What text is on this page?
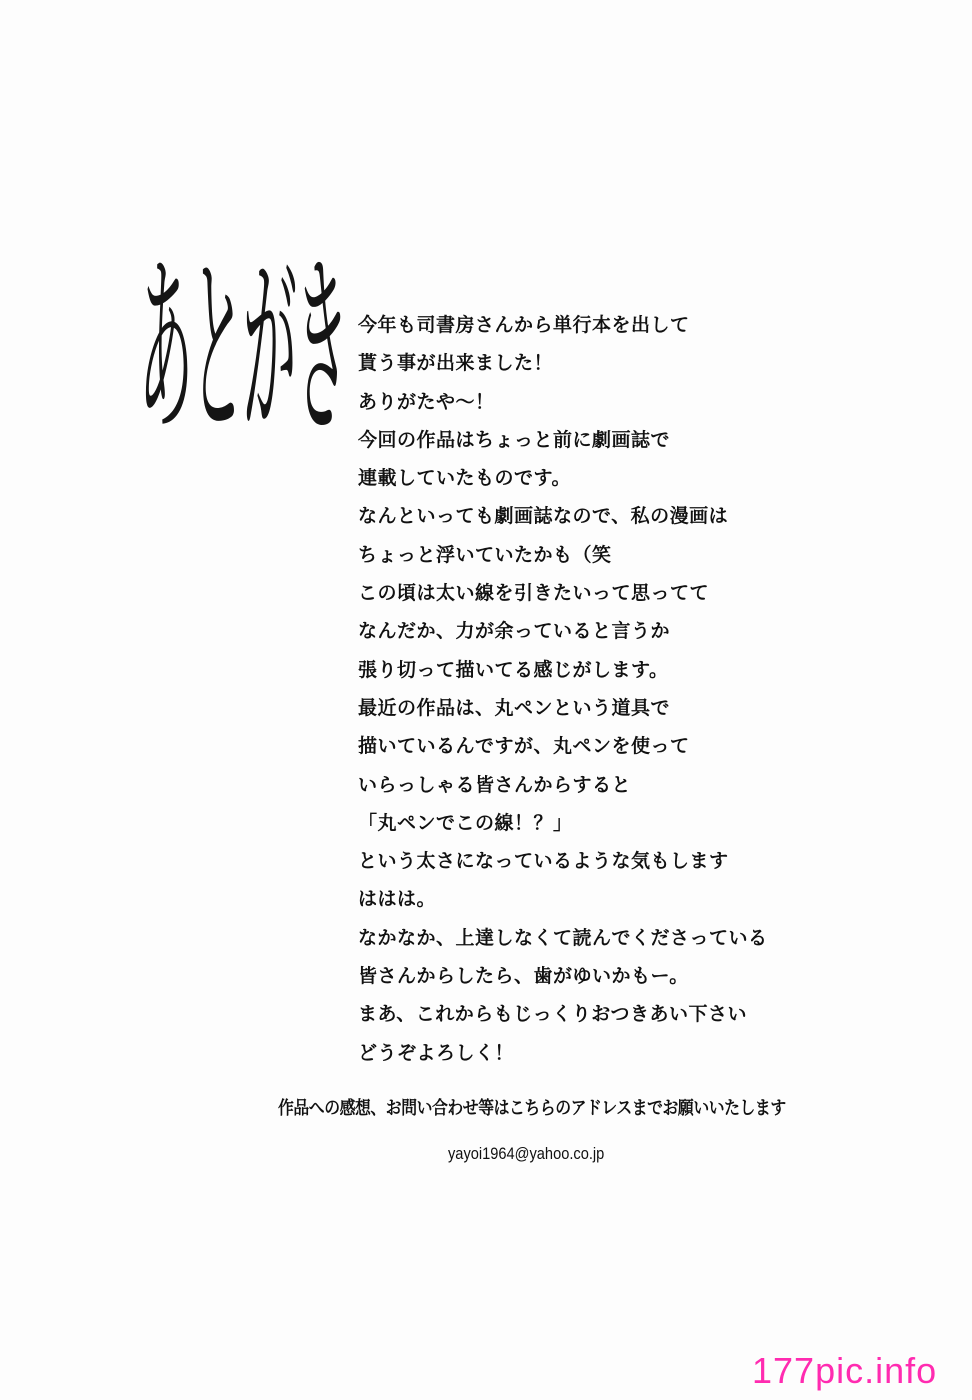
あとがき 今年も司書房さんから単行本を出して
貰う事が出来ました！
ありがたや～！
今回の作品はちょっと前に劇画誌で
連載していたものです。
なんといっても劇画誌なので、私の漫画は
ちょっと浮いていたかも（笑
この頃は太い線を引きたいって思ってて
なんだか、力が余っていると言うか
張り切って描いてる感じがします。
最近の作品は、丸ペンという道具で
描いているんですが、丸ペンを使って
いらっしゃる皆さんからすると
「丸ペンでこの線！？」
という太さになっているような気もします
ははは。
なかなか、上達しなくて読んでくださっている
皆さんからしたら、歯がゆいかもー。
まあ、これからもじっくりおつきあい下さい
どうぞよろしく！
作品への感想、お問い合わせ等はこちらのアドレスまでお願いいたします
yayoi1964@yahoo.co.jp
177pic.info
